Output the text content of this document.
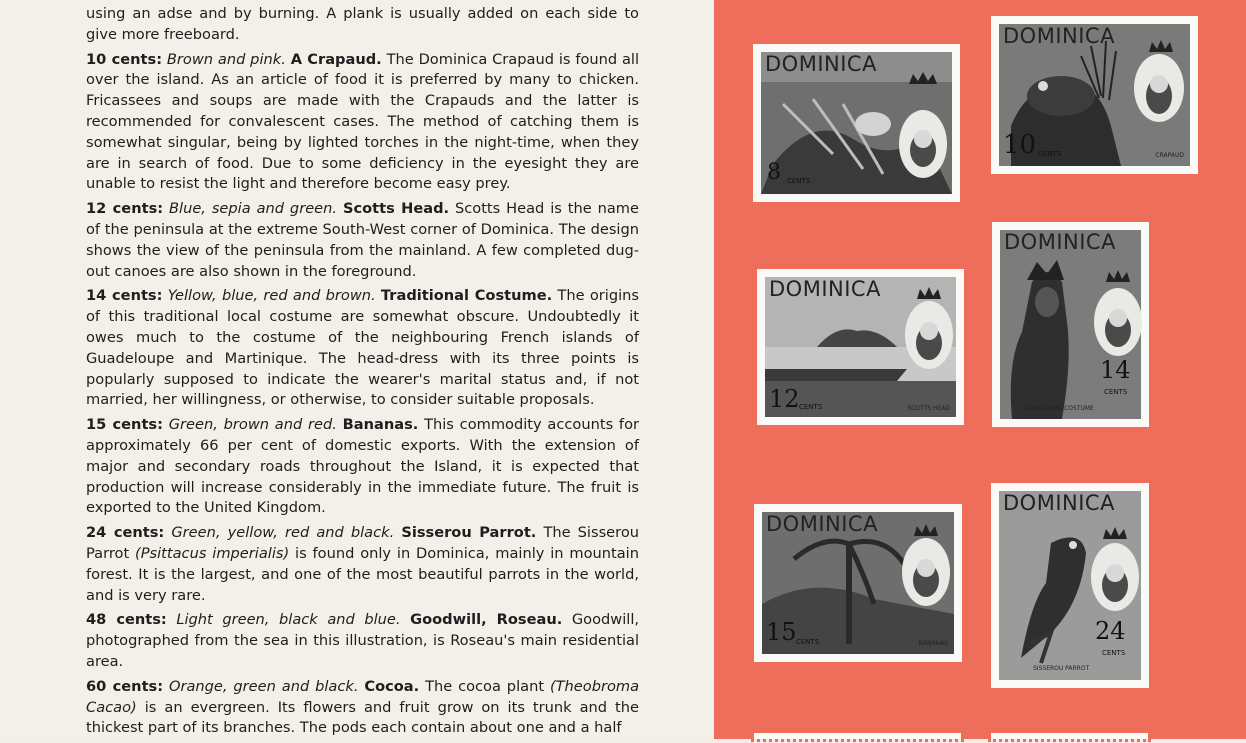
using an adse and by burning. A plank is usually added on each side to give more freeboard.

10 cents: Brown and pink. A Crapaud. The Dominica Crapaud is found all over the island. As an article of food it is preferred by many to chicken. Fricassees and soups are made with the Crapauds and the latter is recommended for convalescent cases. The method of catching them is somewhat singular, being by lighted torches in the night-time, when they are in search of food. Due to some deficiency in the eyesight they are unable to resist the light and therefore become easy prey.

12 cents: Blue, sepia and green. Scotts Head. Scotts Head is the name of the peninsula at the extreme South-West corner of Dominica. The design shows the view of the peninsula from the mainland. A few completed dug-out canoes are also shown in the foreground.

14 cents: Yellow, blue, red and brown. Traditional Costume. The origins of this traditional local costume are somewhat obscure. Undoubtedly it owes much to the costume of the neighbouring French islands of Guadeloupe and Martinique. The head-dress with its three points is popularly supposed to indicate the wearer's marital status and, if not married, her willingness, or otherwise, to consider suitable proposals.

15 cents: Green, brown and red. Bananas. This commodity accounts for approximately 66 per cent of domestic exports. With the extension of major and secondary roads throughout the Island, it is expected that production will increase considerably in the immediate future. The fruit is exported to the United Kingdom.

24 cents: Green, yellow, red and black. Sisserou Parrot. The Sisserou Parrot (Psittacus imperialis) is found only in Dominica, mainly in mountain forest. It is the largest, and one of the most beautiful parrots in the world, and is very rare.

48 cents: Light green, black and blue. Goodwill, Roseau. Goodwill, photographed from the sea in this illustration, is Roseau's main residential area.

60 cents: Orange, green and black. Cocoa. The cocoa plant (Theobroma Cacao) is an evergreen. Its flowers and fruit grow on its trunk and the thickest part of its branches. The pods each contain about one and a half

DOMINICA
8 CENTS
DOMINICA
10 CENTS	CRAPAUD
DOMINICA
12 CENTS	SCOTTS HEAD
DOMINICA
14
CENTS
TRADITIONAL COSTUME
DOMINICA
15 CENTS	BANANAS
DOMINICA
24
CENTS
SISSEROU PARROT
